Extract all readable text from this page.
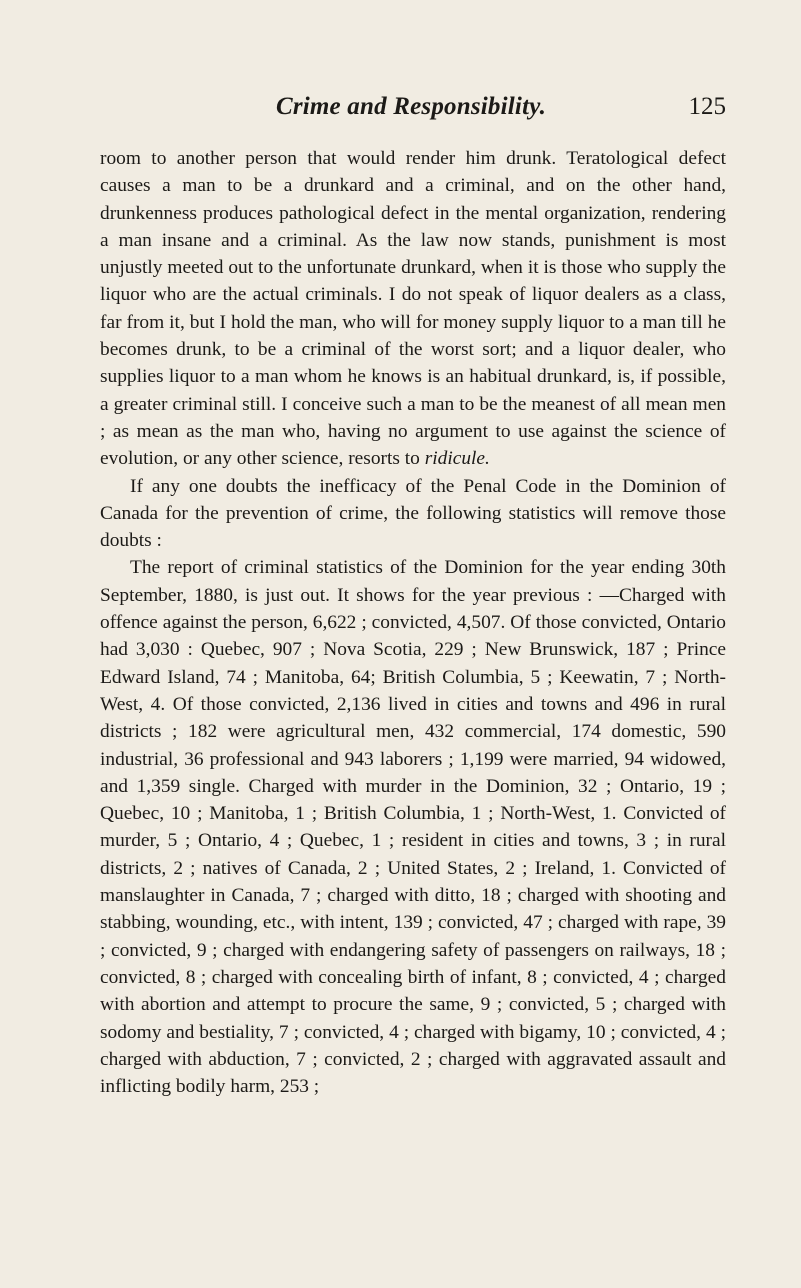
Crime and Responsibility.	125

room to another person that would render him drunk. Teratological defect causes a man to be a drunkard and a criminal, and on the other hand, drunkenness produces pathological defect in the mental organization, rendering a man insane and a criminal. As the law now stands, punishment is most unjustly meeted out to the unfortunate drunkard, when it is those who supply the liquor who are the actual criminals. I do not speak of liquor dealers as a class, far from it, but I hold the man, who will for money supply liquor to a man till he becomes drunk, to be a criminal of the worst sort; and a liquor dealer, who supplies liquor to a man whom he knows is an habitual drunkard, is, if possible, a greater criminal still. I conceive such a man to be the meanest of all mean men ; as mean as the man who, having no argument to use against the science of evolution, or any other science, resorts to ridicule.

If any one doubts the inefficacy of the Penal Code in the Dominion of Canada for the prevention of crime, the following statistics will remove those doubts :

The report of criminal statistics of the Dominion for the year ending 30th September, 1880, is just out. It shows for the year previous : —Charged with offence against the person, 6,622 ; convicted, 4,507. Of those convicted, Ontario had 3,030 : Quebec, 907 ; Nova Scotia, 229 ; New Brunswick, 187 ; Prince Edward Island, 74 ; Manitoba, 64; British Columbia, 5 ; Keewatin, 7 ; North-West, 4. Of those convicted, 2,136 lived in cities and towns and 496 in rural districts ; 182 were agricultural men, 432 commercial, 174 domestic, 590 industrial, 36 professional and 943 laborers ; 1,199 were married, 94 widowed, and 1,359 single. Charged with murder in the Dominion, 32 ; Ontario, 19 ; Quebec, 10 ; Manitoba, 1 ; British Columbia, 1 ; North-West, 1. Convicted of murder, 5 ; Ontario, 4 ; Quebec, 1 ; resident in cities and towns, 3 ; in rural districts, 2 ; natives of Canada, 2 ; United States, 2 ; Ireland, 1. Convicted of manslaughter in Canada, 7 ; charged with ditto, 18 ; charged with shooting and stabbing, wounding, etc., with intent, 139 ; convicted, 47 ; charged with rape, 39 ; convicted, 9 ; charged with endangering safety of passengers on railways, 18 ; convicted, 8 ; charged with concealing birth of infant, 8 ; convicted, 4 ; charged with abortion and attempt to procure the same, 9 ; convicted, 5 ; charged with sodomy and bestiality, 7 ; convicted, 4 ; charged with bigamy, 10 ; convicted, 4 ; charged with abduction, 7 ; convicted, 2 ; charged with aggravated assault and inflicting bodily harm, 253 ;
